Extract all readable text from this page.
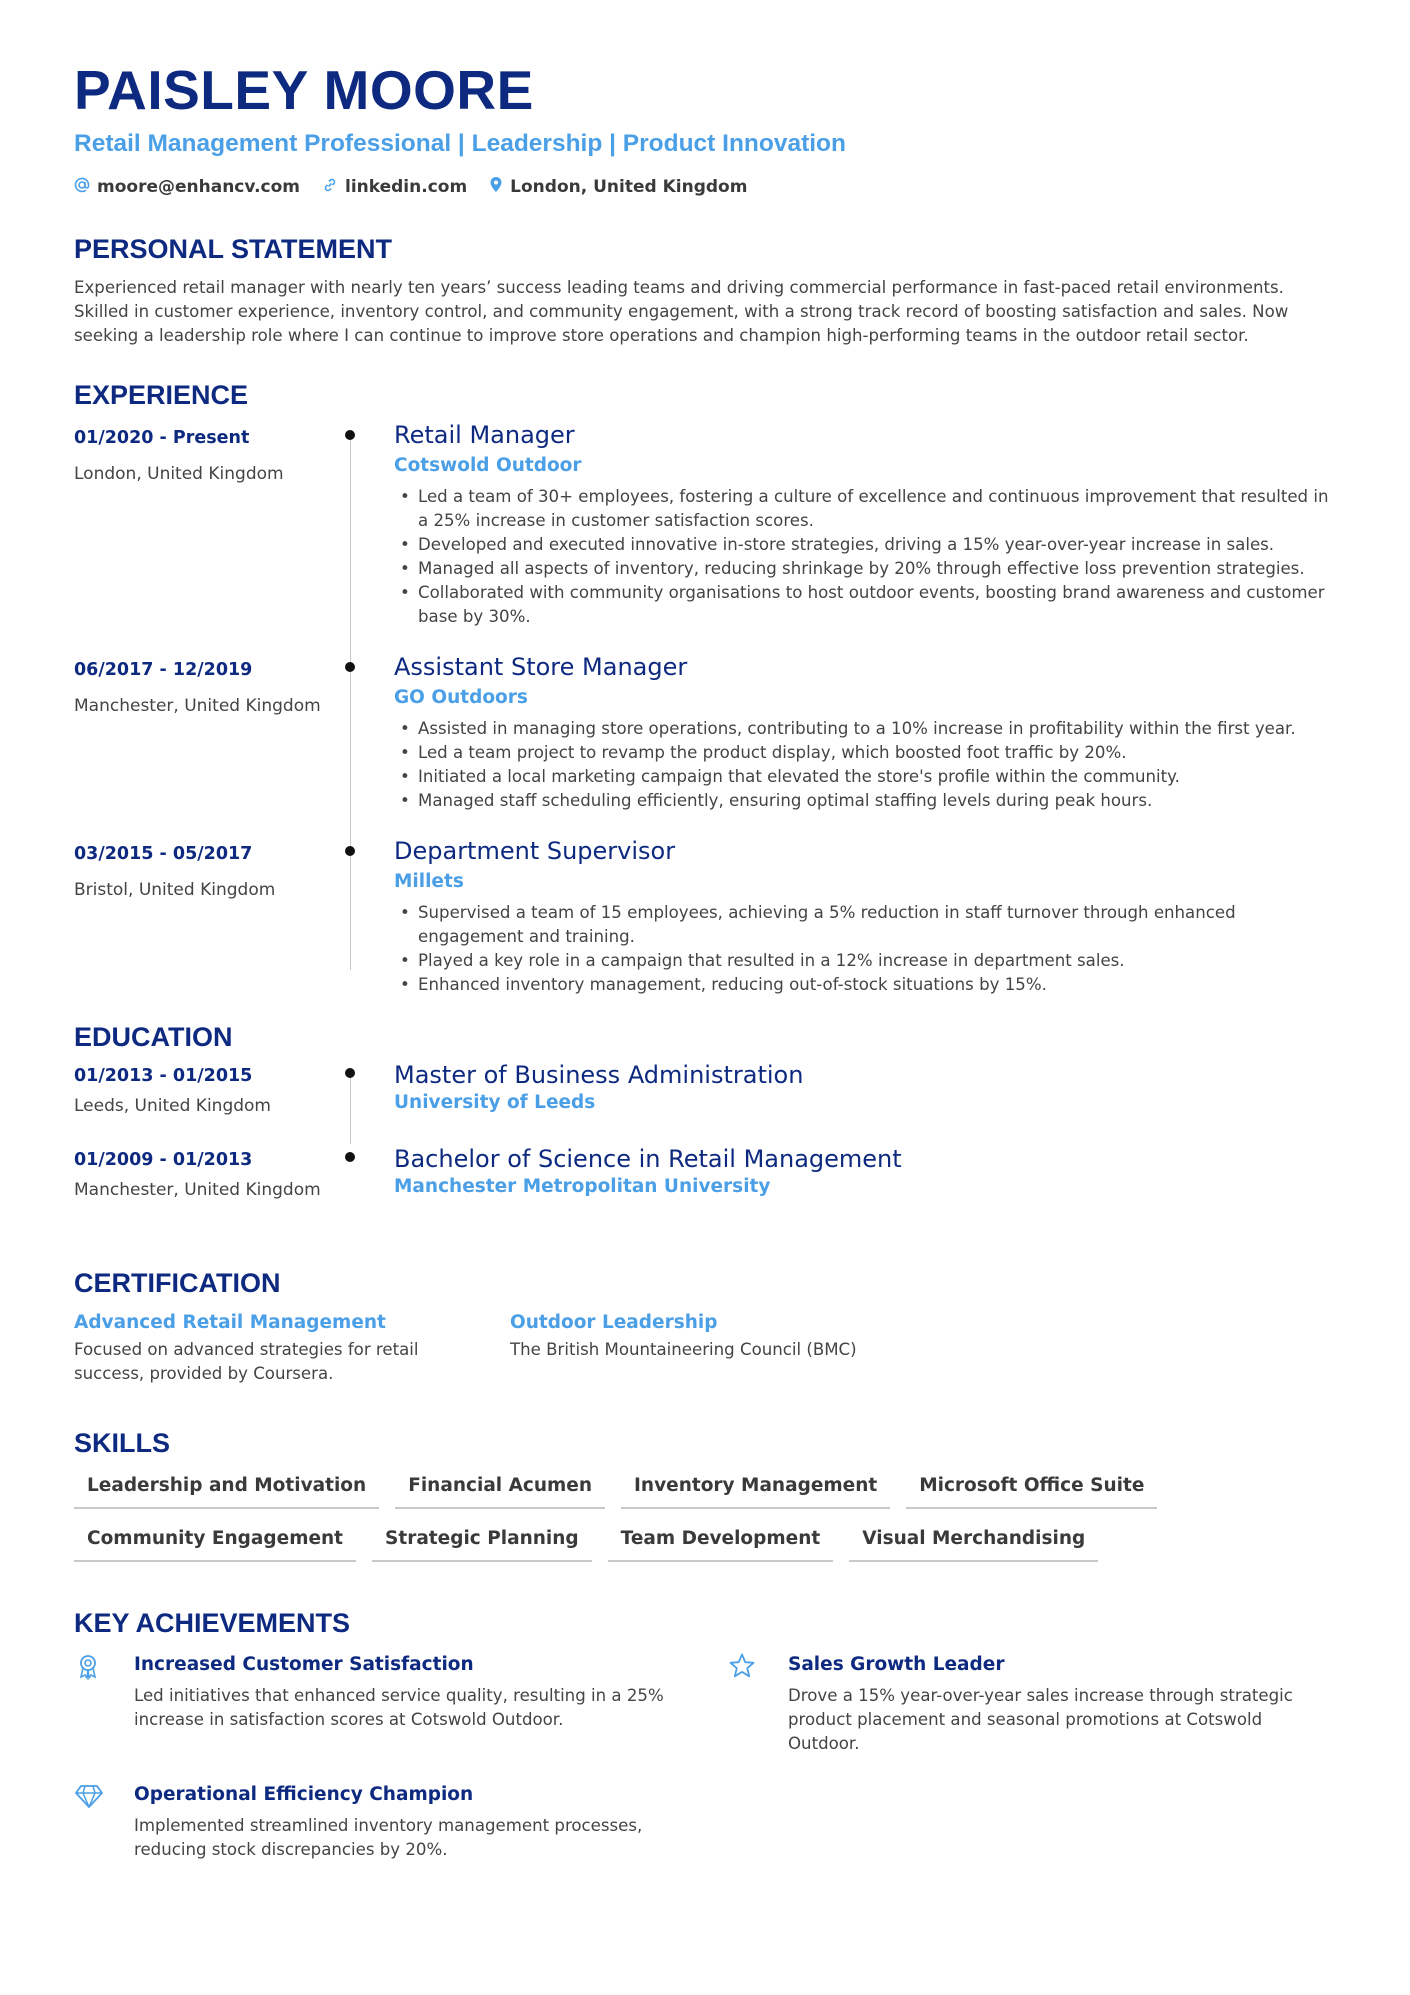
PAISLEY MOORE
Retail Management Professional | Leadership | Product Innovation
moore@enhancv.com	linkedin.com	London, United Kingdom
PERSONAL STATEMENT
Experienced retail manager with nearly ten years’ success leading teams and driving commercial performance in fast-paced retail environments. Skilled in customer experience, inventory control, and community engagement, with a strong track record of boosting satisfaction and sales. Now seeking a leadership role where I can continue to improve store operations and champion high-performing teams in the outdoor retail sector.
EXPERIENCE
01/2020 - Present
London, United Kingdom
Retail Manager
Cotswold Outdoor
• Led a team of 30+ employees, fostering a culture of excellence and continuous improvement that resulted in a 25% increase in customer satisfaction scores.
• Developed and executed innovative in-store strategies, driving a 15% year-over-year increase in sales.
• Managed all aspects of inventory, reducing shrinkage by 20% through effective loss prevention strategies.
• Collaborated with community organisations to host outdoor events, boosting brand awareness and customer base by 30%.
06/2017 - 12/2019
Manchester, United Kingdom
Assistant Store Manager
GO Outdoors
• Assisted in managing store operations, contributing to a 10% increase in profitability within the first year.
• Led a team project to revamp the product display, which boosted foot traffic by 20%.
• Initiated a local marketing campaign that elevated the store's profile within the community.
• Managed staff scheduling efficiently, ensuring optimal staffing levels during peak hours.
03/2015 - 05/2017
Bristol, United Kingdom
Department Supervisor
Millets
• Supervised a team of 15 employees, achieving a 5% reduction in staff turnover through enhanced engagement and training.
• Played a key role in a campaign that resulted in a 12% increase in department sales.
• Enhanced inventory management, reducing out-of-stock situations by 15%.
EDUCATION
01/2013 - 01/2015
Leeds, United Kingdom
Master of Business Administration
University of Leeds
01/2009 - 01/2013
Manchester, United Kingdom
Bachelor of Science in Retail Management
Manchester Metropolitan University
CERTIFICATION
Advanced Retail Management
Focused on advanced strategies for retail success, provided by Coursera.
Outdoor Leadership
The British Mountaineering Council (BMC)
SKILLS
Leadership and Motivation	Financial Acumen	Inventory Management	Microsoft Office Suite
Community Engagement	Strategic Planning	Team Development	Visual Merchandising
KEY ACHIEVEMENTS
Increased Customer Satisfaction
Led initiatives that enhanced service quality, resulting in a 25% increase in satisfaction scores at Cotswold Outdoor.
Sales Growth Leader
Drove a 15% year-over-year sales increase through strategic product placement and seasonal promotions at Cotswold Outdoor.
Operational Efficiency Champion
Implemented streamlined inventory management processes, reducing stock discrepancies by 20%.
